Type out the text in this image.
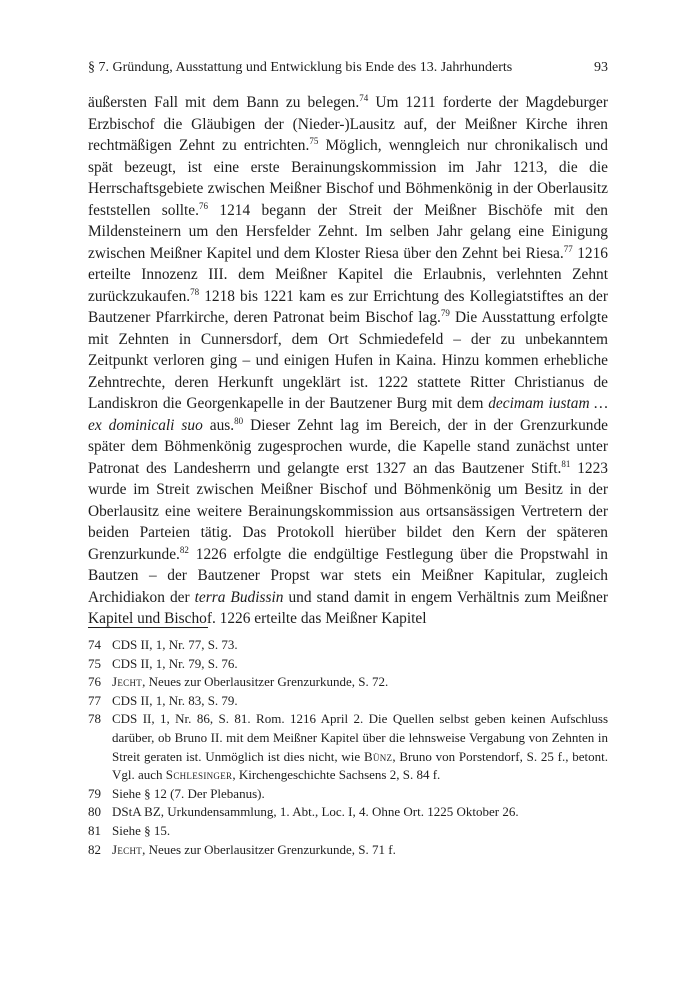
§ 7. Gründung, Ausstattung und Entwicklung bis Ende des 13. Jahrhunderts	93
äußersten Fall mit dem Bann zu belegen.$^{74}$ Um 1211 forderte der Magdeburger Erzbischof die Gläubigen der (Nieder-)Lausitz auf, der Meißner Kirche ihren rechtmäßigen Zehnt zu entrichten.$^{75}$ Möglich, wenngleich nur chronikalisch und spät bezeugt, ist eine erste Berainungskommission im Jahr 1213, die die Herrschaftsgebiete zwischen Meißner Bischof und Böhmenkönig in der Oberlausitz feststellen sollte.$^{76}$ 1214 begann der Streit der Meißner Bischöfe mit den Mildensteinern um den Hersfelder Zehnt. Im selben Jahr gelang eine Einigung zwischen Meißner Kapitel und dem Kloster Riesa über den Zehnt bei Riesa.$^{77}$ 1216 erteilte Innozenz III. dem Meißner Kapitel die Erlaubnis, verlehnten Zehnt zurückzukaufen.$^{78}$ 1218 bis 1221 kam es zur Errichtung des Kollegiatstiftes an der Bautzener Pfarrkirche, deren Patronat beim Bischof lag.$^{79}$ Die Ausstattung erfolgte mit Zehnten in Cunnersdorf, dem Ort Schmiedefeld – der zu unbekanntem Zeitpunkt verloren ging – und einigen Hufen in Kaina. Hinzu kommen erhebliche Zehntrechte, deren Herkunft ungeklärt ist. 1222 stattete Ritter Christianus de Landiskron die Georgenkapelle in der Bautzener Burg mit dem decimam iustam … ex dominicali suo aus.$^{80}$ Dieser Zehnt lag im Bereich, der in der Grenzurkunde später dem Böhmenkönig zugesprochen wurde, die Kapelle stand zunächst unter Patronat des Landesherrn und gelangte erst 1327 an das Bautzener Stift.$^{81}$ 1223 wurde im Streit zwischen Meißner Bischof und Böhmenkönig um Besitz in der Oberlausitz eine weitere Berainungskommission aus ortsansässigen Vertretern der beiden Parteien tätig. Das Protokoll hierüber bildet den Kern der späteren Grenzurkunde.$^{82}$ 1226 erfolgte die endgültige Festlegung über die Propstwahl in Bautzen – der Bautzener Propst war stets ein Meißner Kapitular, zugleich Archidiakon der terra Budissin und stand damit in engem Verhältnis zum Meißner Kapitel und Bischof. 1226 erteilte das Meißner Kapitel
74 CDS II, 1, Nr. 77, S. 73.
75 CDS II, 1, Nr. 79, S. 76.
76 Jecht, Neues zur Oberlausitzer Grenzurkunde, S. 72.
77 CDS II, 1, Nr. 83, S. 79.
78 CDS II, 1, Nr. 86, S. 81. Rom. 1216 April 2. Die Quellen selbst geben keinen Aufschluss darüber, ob Bruno II. mit dem Meißner Kapitel über die lehnsweise Vergabung von Zehnten in Streit geraten ist. Unmöglich ist dies nicht, wie Bünz, Bruno von Porstendorf, S. 25 f., betont. Vgl. auch Schlesinger, Kirchengeschichte Sachsens 2, S. 84 f.
79 Siehe § 12 (7. Der Plebanus).
80 DStA BZ, Urkundensammlung, 1. Abt., Loc. I, 4. Ohne Ort. 1225 Oktober 26.
81 Siehe § 15.
82 Jecht, Neues zur Oberlausitzer Grenzurkunde, S. 71 f.
